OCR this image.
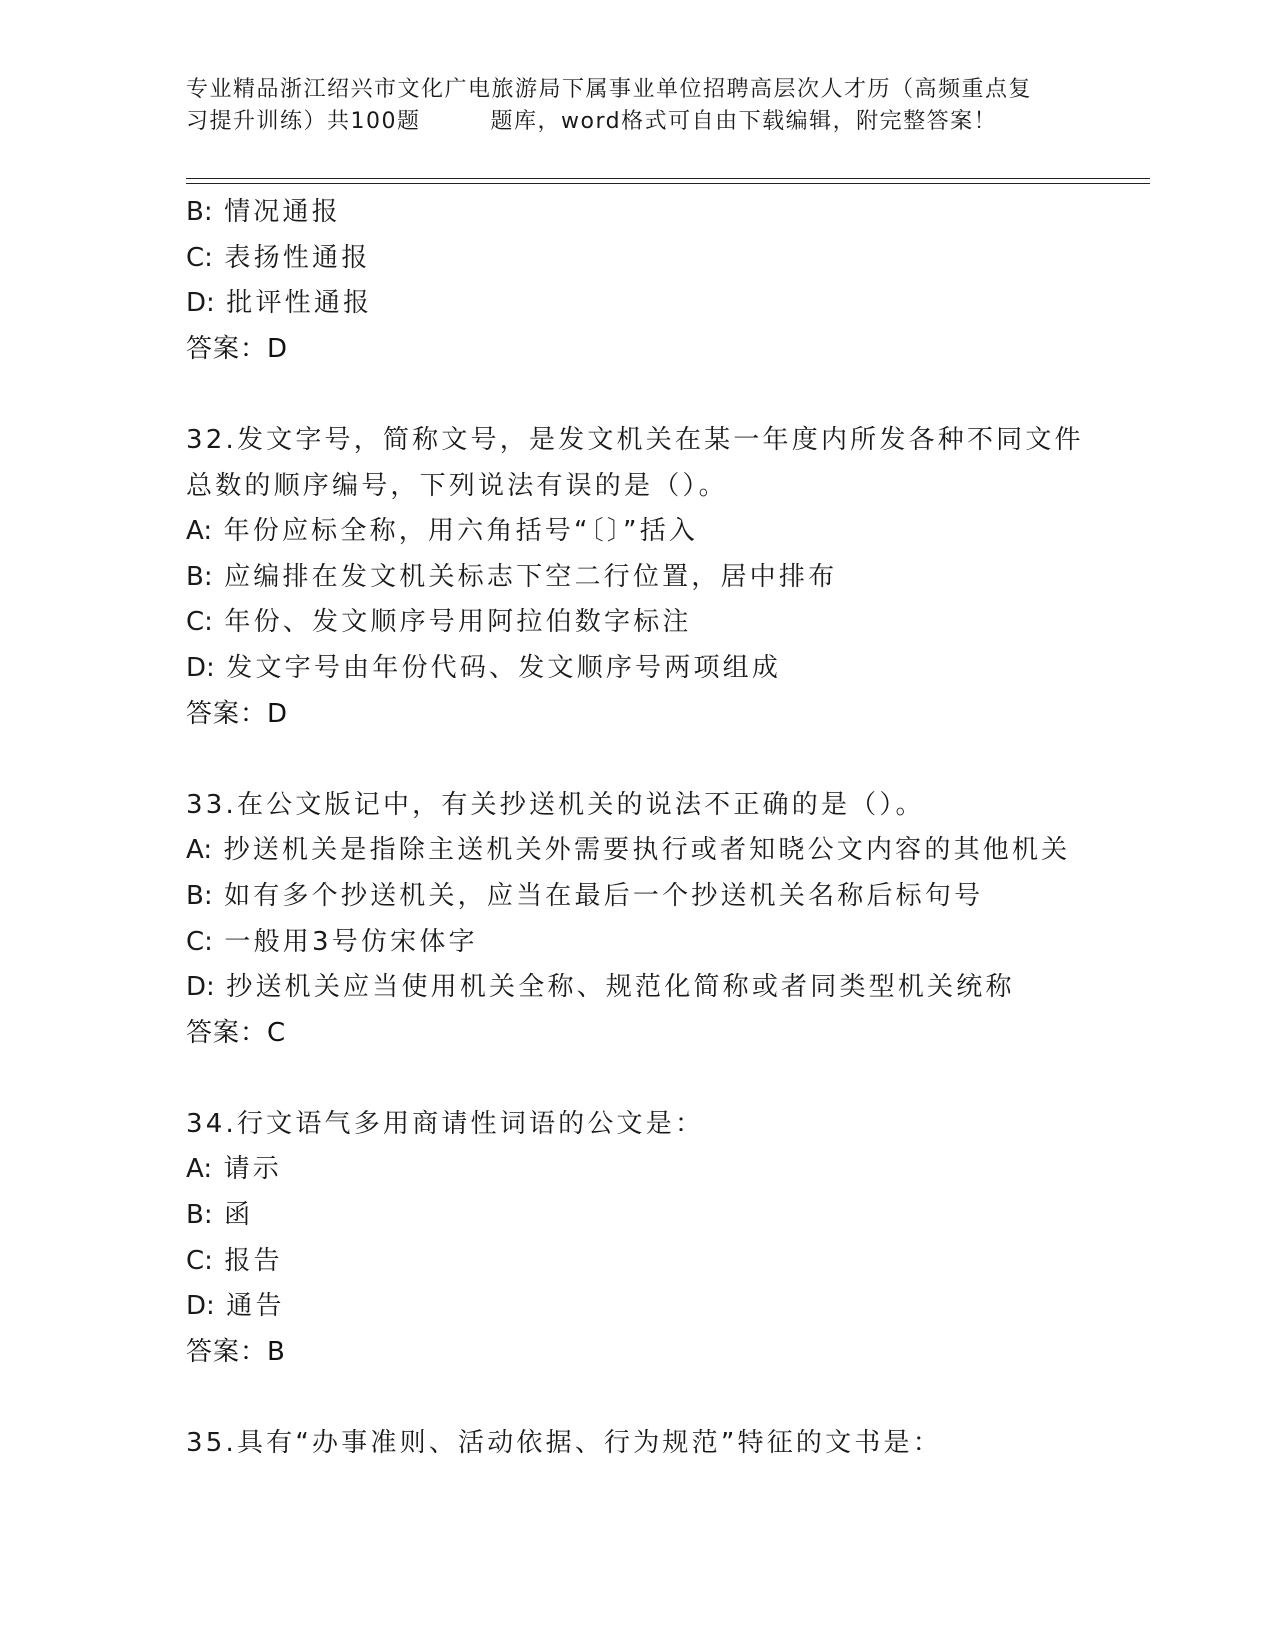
专业精品浙江绍兴市文化广电旅游局下属事业单位招聘高层次人才历（高频重点复
习提升训练）共100题	题库，word格式可自由下载编辑，附完整答案！
B: 情况通报
C: 表扬性通报
D: 批评性通报
答案：D
32.发文字号，简称文号，是发文机关在某一年度内所发各种不同文件
总数的顺序编号，下列说法有误的是（）。
A: 年份应标全称，用六角括号“〔〕”括入
B: 应编排在发文机关标志下空二行位置，居中排布
C: 年份、发文顺序号用阿拉伯数字标注
D: 发文字号由年份代码、发文顺序号两项组成
答案：D
33.在公文版记中，有关抄送机关的说法不正确的是（）。
A: 抄送机关是指除主送机关外需要执行或者知晓公文内容的其他机关
B: 如有多个抄送机关，应当在最后一个抄送机关名称后标句号
C: 一般用3号仿宋体字
D: 抄送机关应当使用机关全称、规范化简称或者同类型机关统称
答案：C
34.行文语气多用商请性词语的公文是：
A: 请示
B: 函
C: 报告
D: 通告
答案：B
35.具有“办事准则、活动依据、行为规范”特征的文书是：
